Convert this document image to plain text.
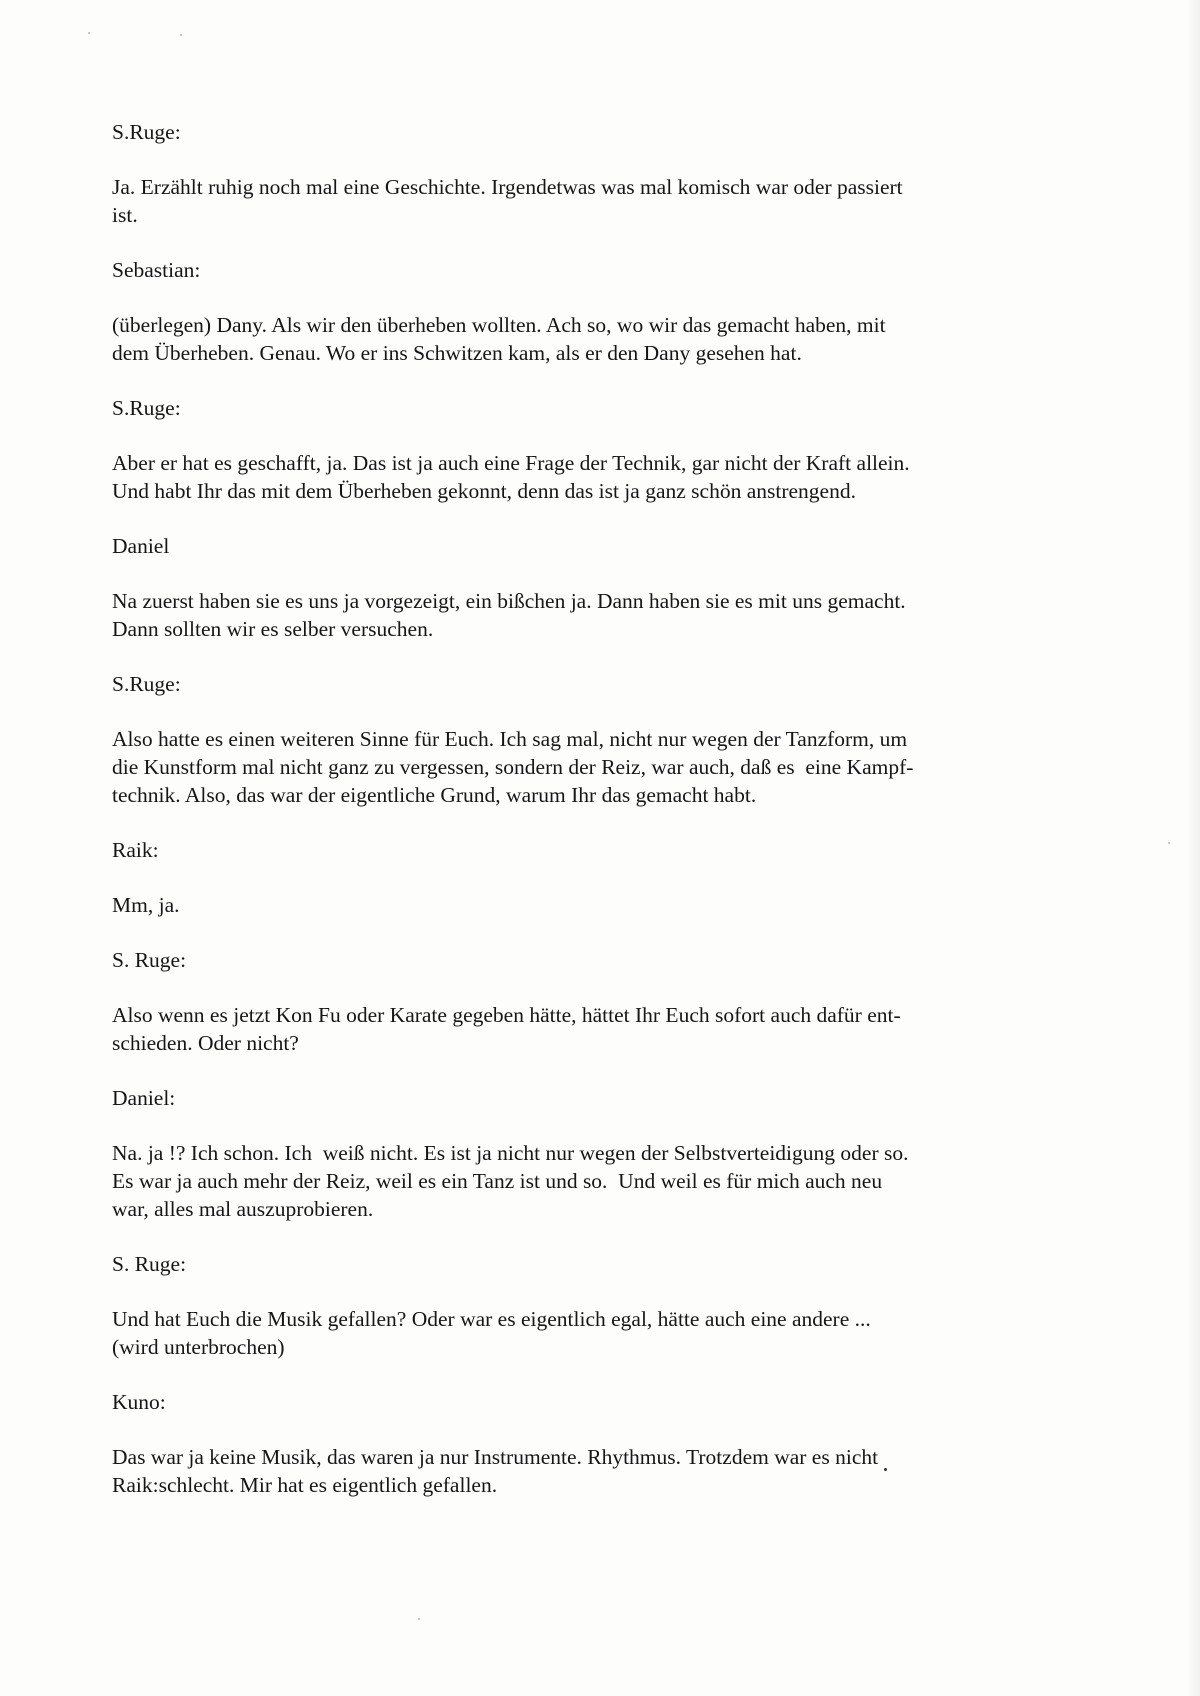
S.Ruge:

Ja. Erzählt ruhig noch mal eine Geschichte. Irgendetwas was mal komisch war oder passiert

ist.

Sebastian:

(überlegen) Dany. Als wir den überheben wollten. Ach so, wo wir das gemacht haben, mit

dem Überheben. Genau. Wo er ins Schwitzen kam, als er den Dany gesehen hat.

S.Ruge:

Aber er hat es geschafft, ja. Das ist ja auch eine Frage der Technik, gar nicht der Kraft allein.

Und habt Ihr das mit dem Überheben gekonnt, denn das ist ja ganz schön anstrengend.

Daniel

Na zuerst haben sie es uns ja vorgezeigt, ein bißchen ja. Dann haben sie es mit uns gemacht.

Dann sollten wir es selber versuchen.

S.Ruge:

Also hatte es einen weiteren Sinne für Euch. Ich sag mal, nicht nur wegen der Tanzform, um

die Kunstform mal nicht ganz zu vergessen, sondern der Reiz, war auch, daß es  eine Kampf-

technik. Also, das war der eigentliche Grund, warum Ihr das gemacht habt.

Raik:

Mm, ja.

S. Ruge:

Also wenn es jetzt Kon Fu oder Karate gegeben hätte, hättet Ihr Euch sofort auch dafür ent-

schieden. Oder nicht?

Daniel:

Na. ja !? Ich schon. Ich  weiß nicht. Es ist ja nicht nur wegen der Selbstverteidigung oder so.

Es war ja auch mehr der Reiz, weil es ein Tanz ist und so.  Und weil es für mich auch neu

war, alles mal auszuprobieren.

S. Ruge:

Und hat Euch die Musik gefallen? Oder war es eigentlich egal, hätte auch eine andere ...

(wird unterbrochen)

Kuno:

Das war ja keine Musik, das waren ja nur Instrumente. Rhythmus. Trotzdem war es nicht

Raik:schlecht. Mir hat es eigentlich gefallen.
